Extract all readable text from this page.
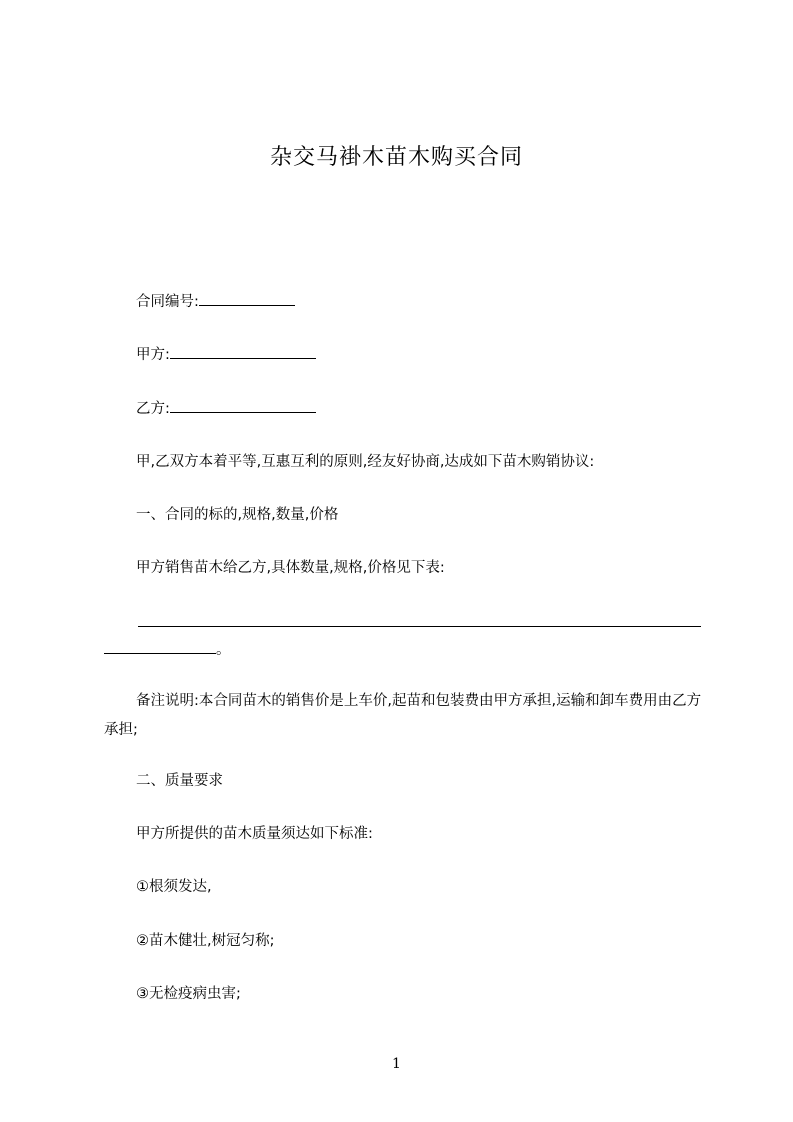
杂交马褂木苗木购买合同
合同编号:
甲方:
乙方:
甲,乙双方本着平等,互惠互利的原则,经友好协商,达成如下苗木购销协议:
一、合同的标的,规格,数量,价格
甲方销售苗木给乙方,具体数量,规格,价格见下表:
。
备注说明:本合同苗木的销售价是上车价,起苗和包装费由甲方承担,运输和卸车费用由乙方承担;
二、质量要求
甲方所提供的苗木质量须达如下标准:
①根须发达,
②苗木健壮,树冠匀称;
③无检疫病虫害;
1
